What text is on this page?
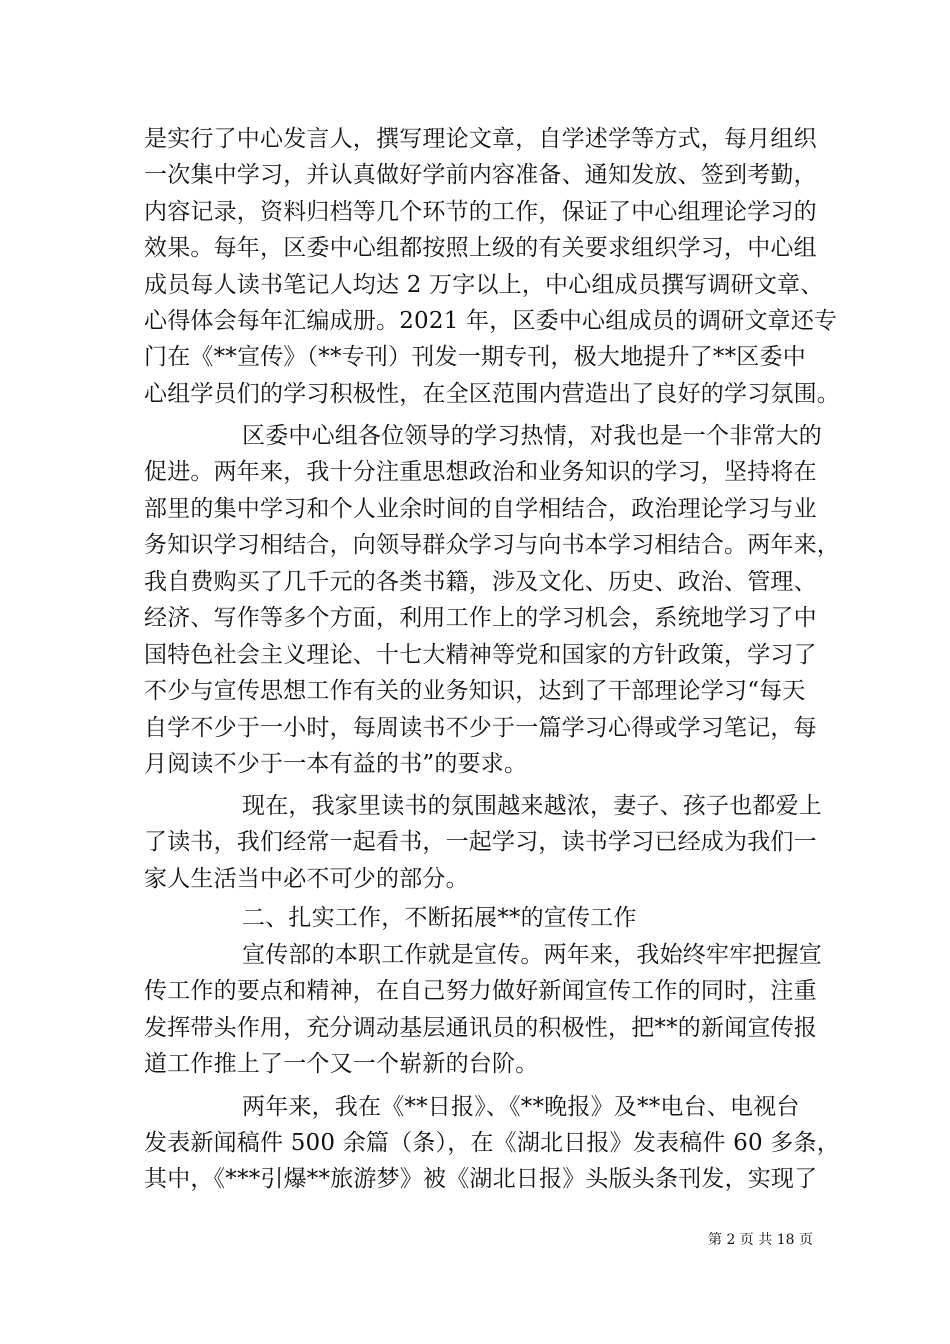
是实行了中心发言人，撰写理论文章，自学述学等方式，每月组织
一次集中学习，并认真做好学前内容准备、通知发放、签到考勤，
内容记录，资料归档等几个环节的工作，保证了中心组理论学习的
效果。每年，区委中心组都按照上级的有关要求组织学习，中心组
成员每人读书笔记人均达 2 万字以上，中心组成员撰写调研文章、
心得体会每年汇编成册。2021 年，区委中心组成员的调研文章还专
门在《**宣传》（**专刊）刊发一期专刊，极大地提升了**区委中
心组学员们的学习积极性，在全区范围内营造出了良好的学习氛围。
区委中心组各位领导的学习热情，对我也是一个非常大的
促进。两年来，我十分注重思想政治和业务知识的学习，坚持将在
部里的集中学习和个人业余时间的自学相结合，政治理论学习与业
务知识学习相结合，向领导群众学习与向书本学习相结合。两年来，
我自费购买了几千元的各类书籍，涉及文化、历史、政治、管理、
经济、写作等多个方面，利用工作上的学习机会，系统地学习了中
国特色社会主义理论、十七大精神等党和国家的方针政策，学习了
不少与宣传思想工作有关的业务知识，达到了干部理论学习“每天
自学不少于一小时，每周读书不少于一篇学习心得或学习笔记，每
月阅读不少于一本有益的书”的要求。
现在，我家里读书的氛围越来越浓，妻子、孩子也都爱上
了读书，我们经常一起看书，一起学习，读书学习已经成为我们一
家人生活当中必不可少的部分。
二、扎实工作，不断拓展**的宣传工作
宣传部的本职工作就是宣传。两年来，我始终牢牢把握宣
传工作的要点和精神，在自己努力做好新闻宣传工作的同时，注重
发挥带头作用，充分调动基层通讯员的积极性，把**的新闻宣传报
道工作推上了一个又一个崭新的台阶。
两年来，我在《**日报》、《**晚报》及**电台、电视台
发表新闻稿件 500 余篇（条），在《湖北日报》发表稿件 60 多条，
其中，《***引爆**旅游梦》被《湖北日报》头版头条刊发，实现了
第 2 页 共 18 页
